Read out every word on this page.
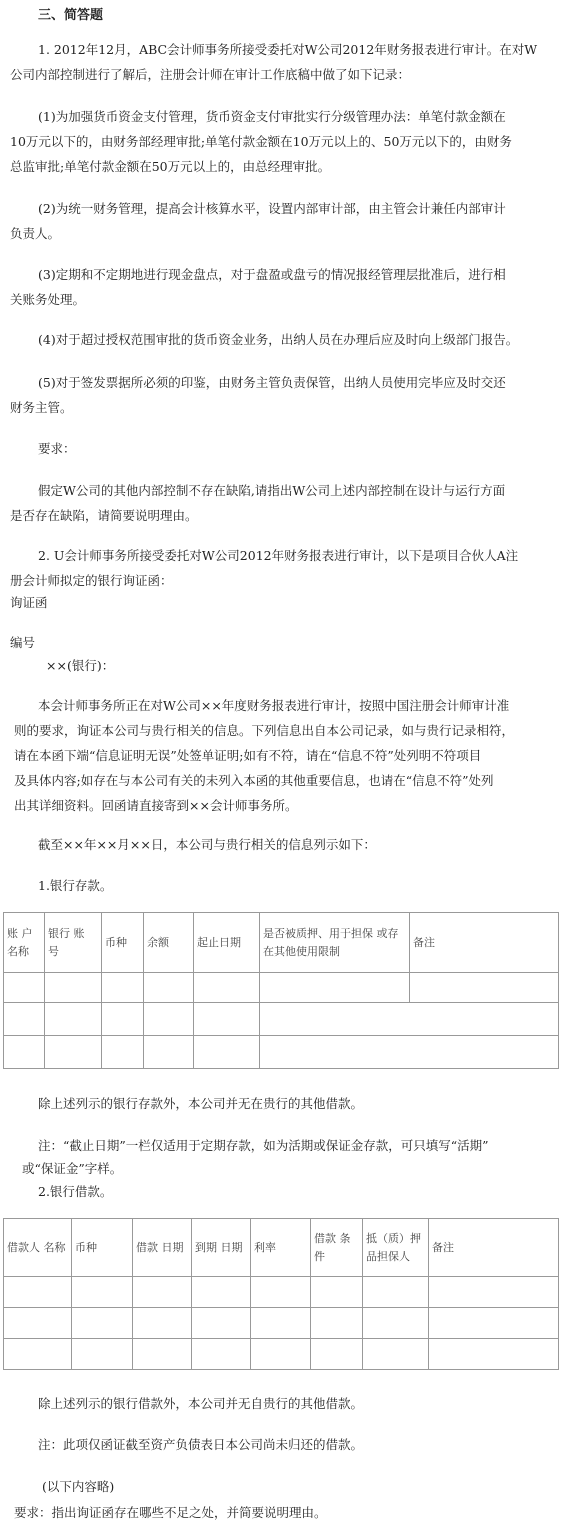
三、简答题
1. 2012年12月，ABC会计师事务所接受委托对W公司2012年财务报表进行审计。在对W
公司内部控制进行了解后，注册会计师在审计工作底稿中做了如下记录：
(1)为加强货币资金支付管理，货币资金支付审批实行分级管理办法：单笔付款金额在
10万元以下的，由财务部经理审批;单笔付款金额在10万元以上的、50万元以下的，由财务
总监审批;单笔付款金额在50万元以上的，由总经理审批。
(2)为统一财务管理，提高会计核算水平，设置内部审计部，由主管会计兼任内部审计
负责人。
(3)定期和不定期地进行现金盘点，对于盘盈或盘亏的情况报经管理层批准后，进行相
关账务处理。
(4)对于超过授权范围审批的货币资金业务，出纳人员在办理后应及时向上级部门报告。
(5)对于签发票据所必须的印鉴，由财务主管负责保管，出纳人员使用完毕应及时交还
财务主管。
要求：
假定W公司的其他内部控制不存在缺陷,请指出W公司上述内部控制在设计与运行方面
是否存在缺陷，请简要说明理由。
2. U会计师事务所接受委托对W公司2012年财务报表进行审计，以下是项目合伙人A注
册会计师拟定的银行询证函：
询证函
编号
××(银行)：
本会计师事务所正在对W公司××年度财务报表进行审计，按照中国注册会计师审计准
则的要求，询证本公司与贵行相关的信息。下列信息出自本公司记录，如与贵行记录相符，
请在本函下端“信息证明无误”处签单证明;如有不符，请在“信息不符”处列明不符项目
及具体内容;如存在与本公司有关的未列入本函的其他重要信息，也请在“信息不符”处列
出其详细资料。回函请直接寄到××会计师事务所。
截至××年××月××日，本公司与贵行相关的信息列示如下：
1.银行存款。
账 户 名称	银行 账 号	币种	余额	起止日期	是否被质押、用于担保 或存在其他使用限制	备注

除上述列示的银行存款外，本公司并无在贵行的其他借款。
注：“截止日期”一栏仅适用于定期存款，如为活期或保证金存款，可只填写“活期”
或“保证金”字样。
2.银行借款。
借款人 名称	币种	借款 日期	到期 日期	利率	借款 条件	抵（质）押品担保人	备注

除上述列示的银行借款外，本公司并无自贵行的其他借款。
注：此项仅函证截至资产负债表日本公司尚未归还的借款。
(以下内容略)
要求：指出询证函存在哪些不足之处，并简要说明理由。
